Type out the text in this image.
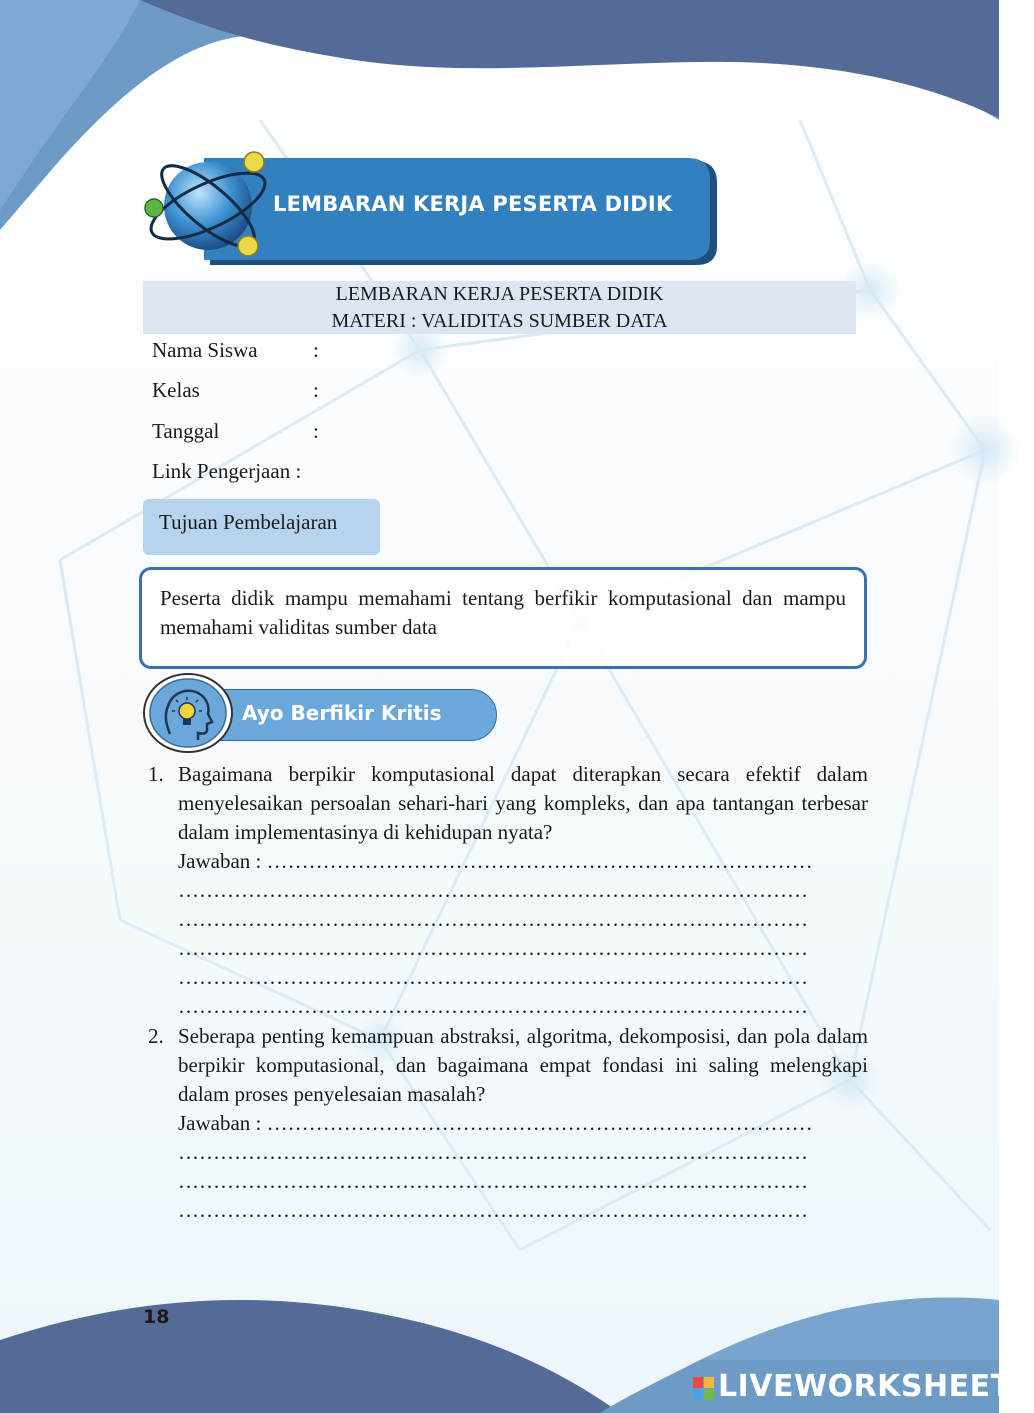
LEMBARAN KERJA PESERTA DIDIK
LEMBARAN KERJA PESERTA DIDIK
MATERI : VALIDITAS SUMBER DATA
Nama Siswa	:
Kelas	:
Tanggal	:
Link Pengerjaan :
Tujuan Pembelajaran
Peserta didik mampu memahami tentang berfikir komputasional dan mampu memahami validitas sumber data
Ayo Berfikir Kritis
1. Bagaimana berpikir komputasional dapat diterapkan secara efektif dalam menyelesaikan persoalan sehari-hari yang kompleks, dan apa tantangan terbesar dalam implementasinya di kehidupan nyata?
Jawaban : ……………………………………………………………………
………………………………………………………………………………
………………………………………………………………………………
………………………………………………………………………………
………………………………………………………………………………
………………………………………………………………………………
2. Seberapa penting kemampuan abstraksi, algoritma, dekomposisi, dan pola dalam berpikir komputasional, dan bagaimana empat fondasi ini saling melengkapi dalam proses penyelesaian masalah?
Jawaban : ……………………………………………………………………
………………………………………………………………………………
………………………………………………………………………………
………………………………………………………………………………
18
LIVEWORKSHEETS
